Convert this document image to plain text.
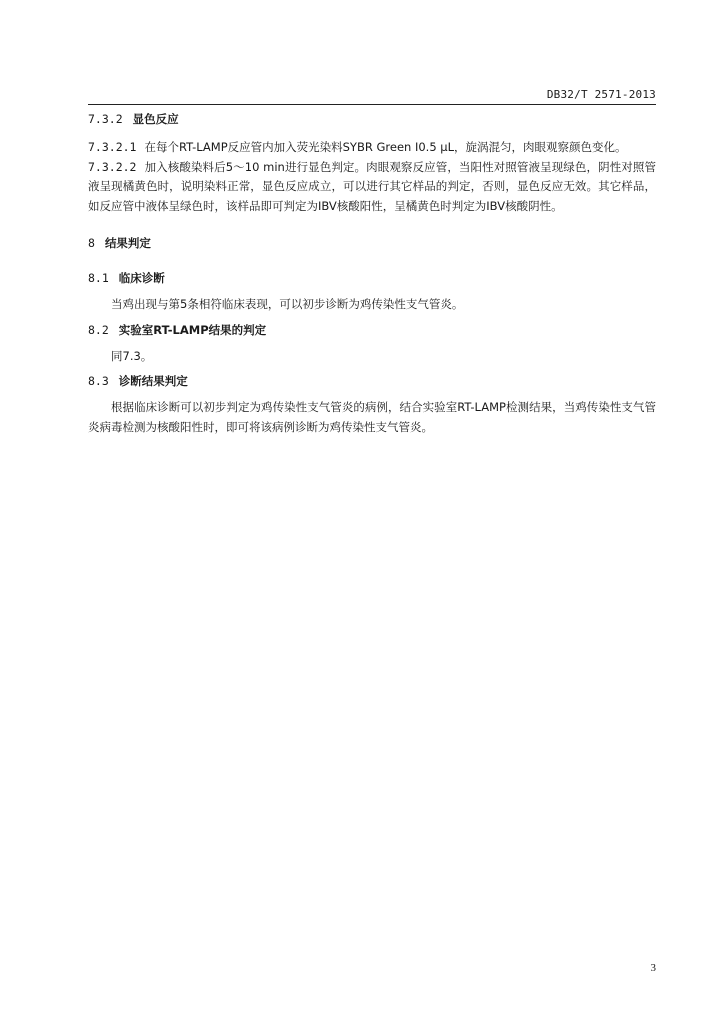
DB32/T 2571-2013
7.3.2 显色反应
7.3.2.1 在每个RT-LAMP反应管内加入荧光染料SYBR Green Ⅰ0.5 μL，旋涡混匀，肉眼观察颜色变化。
7.3.2.2 加入核酸染料后5～10 min进行显色判定。肉眼观察反应管，当阳性对照管液呈现绿色，阴性对照管液呈现橘黄色时，说明染料正常，显色反应成立，可以进行其它样品的判定，否则，显色反应无效。其它样品，如反应管中液体呈绿色时，该样品即可判定为IBV核酸阳性，呈橘黄色时判定为IBV核酸阴性。
8 结果判定
8.1 临床诊断
当鸡出现与第5条相符临床表现，可以初步诊断为鸡传染性支气管炎。
8.2 实验室RT-LAMP结果的判定
同7.3。
8.3 诊断结果判定
根据临床诊断可以初步判定为鸡传染性支气管炎的病例，结合实验室RT-LAMP检测结果，当鸡传染性支气管炎病毒检测为核酸阳性时，即可将该病例诊断为鸡传染性支气管炎。
3
